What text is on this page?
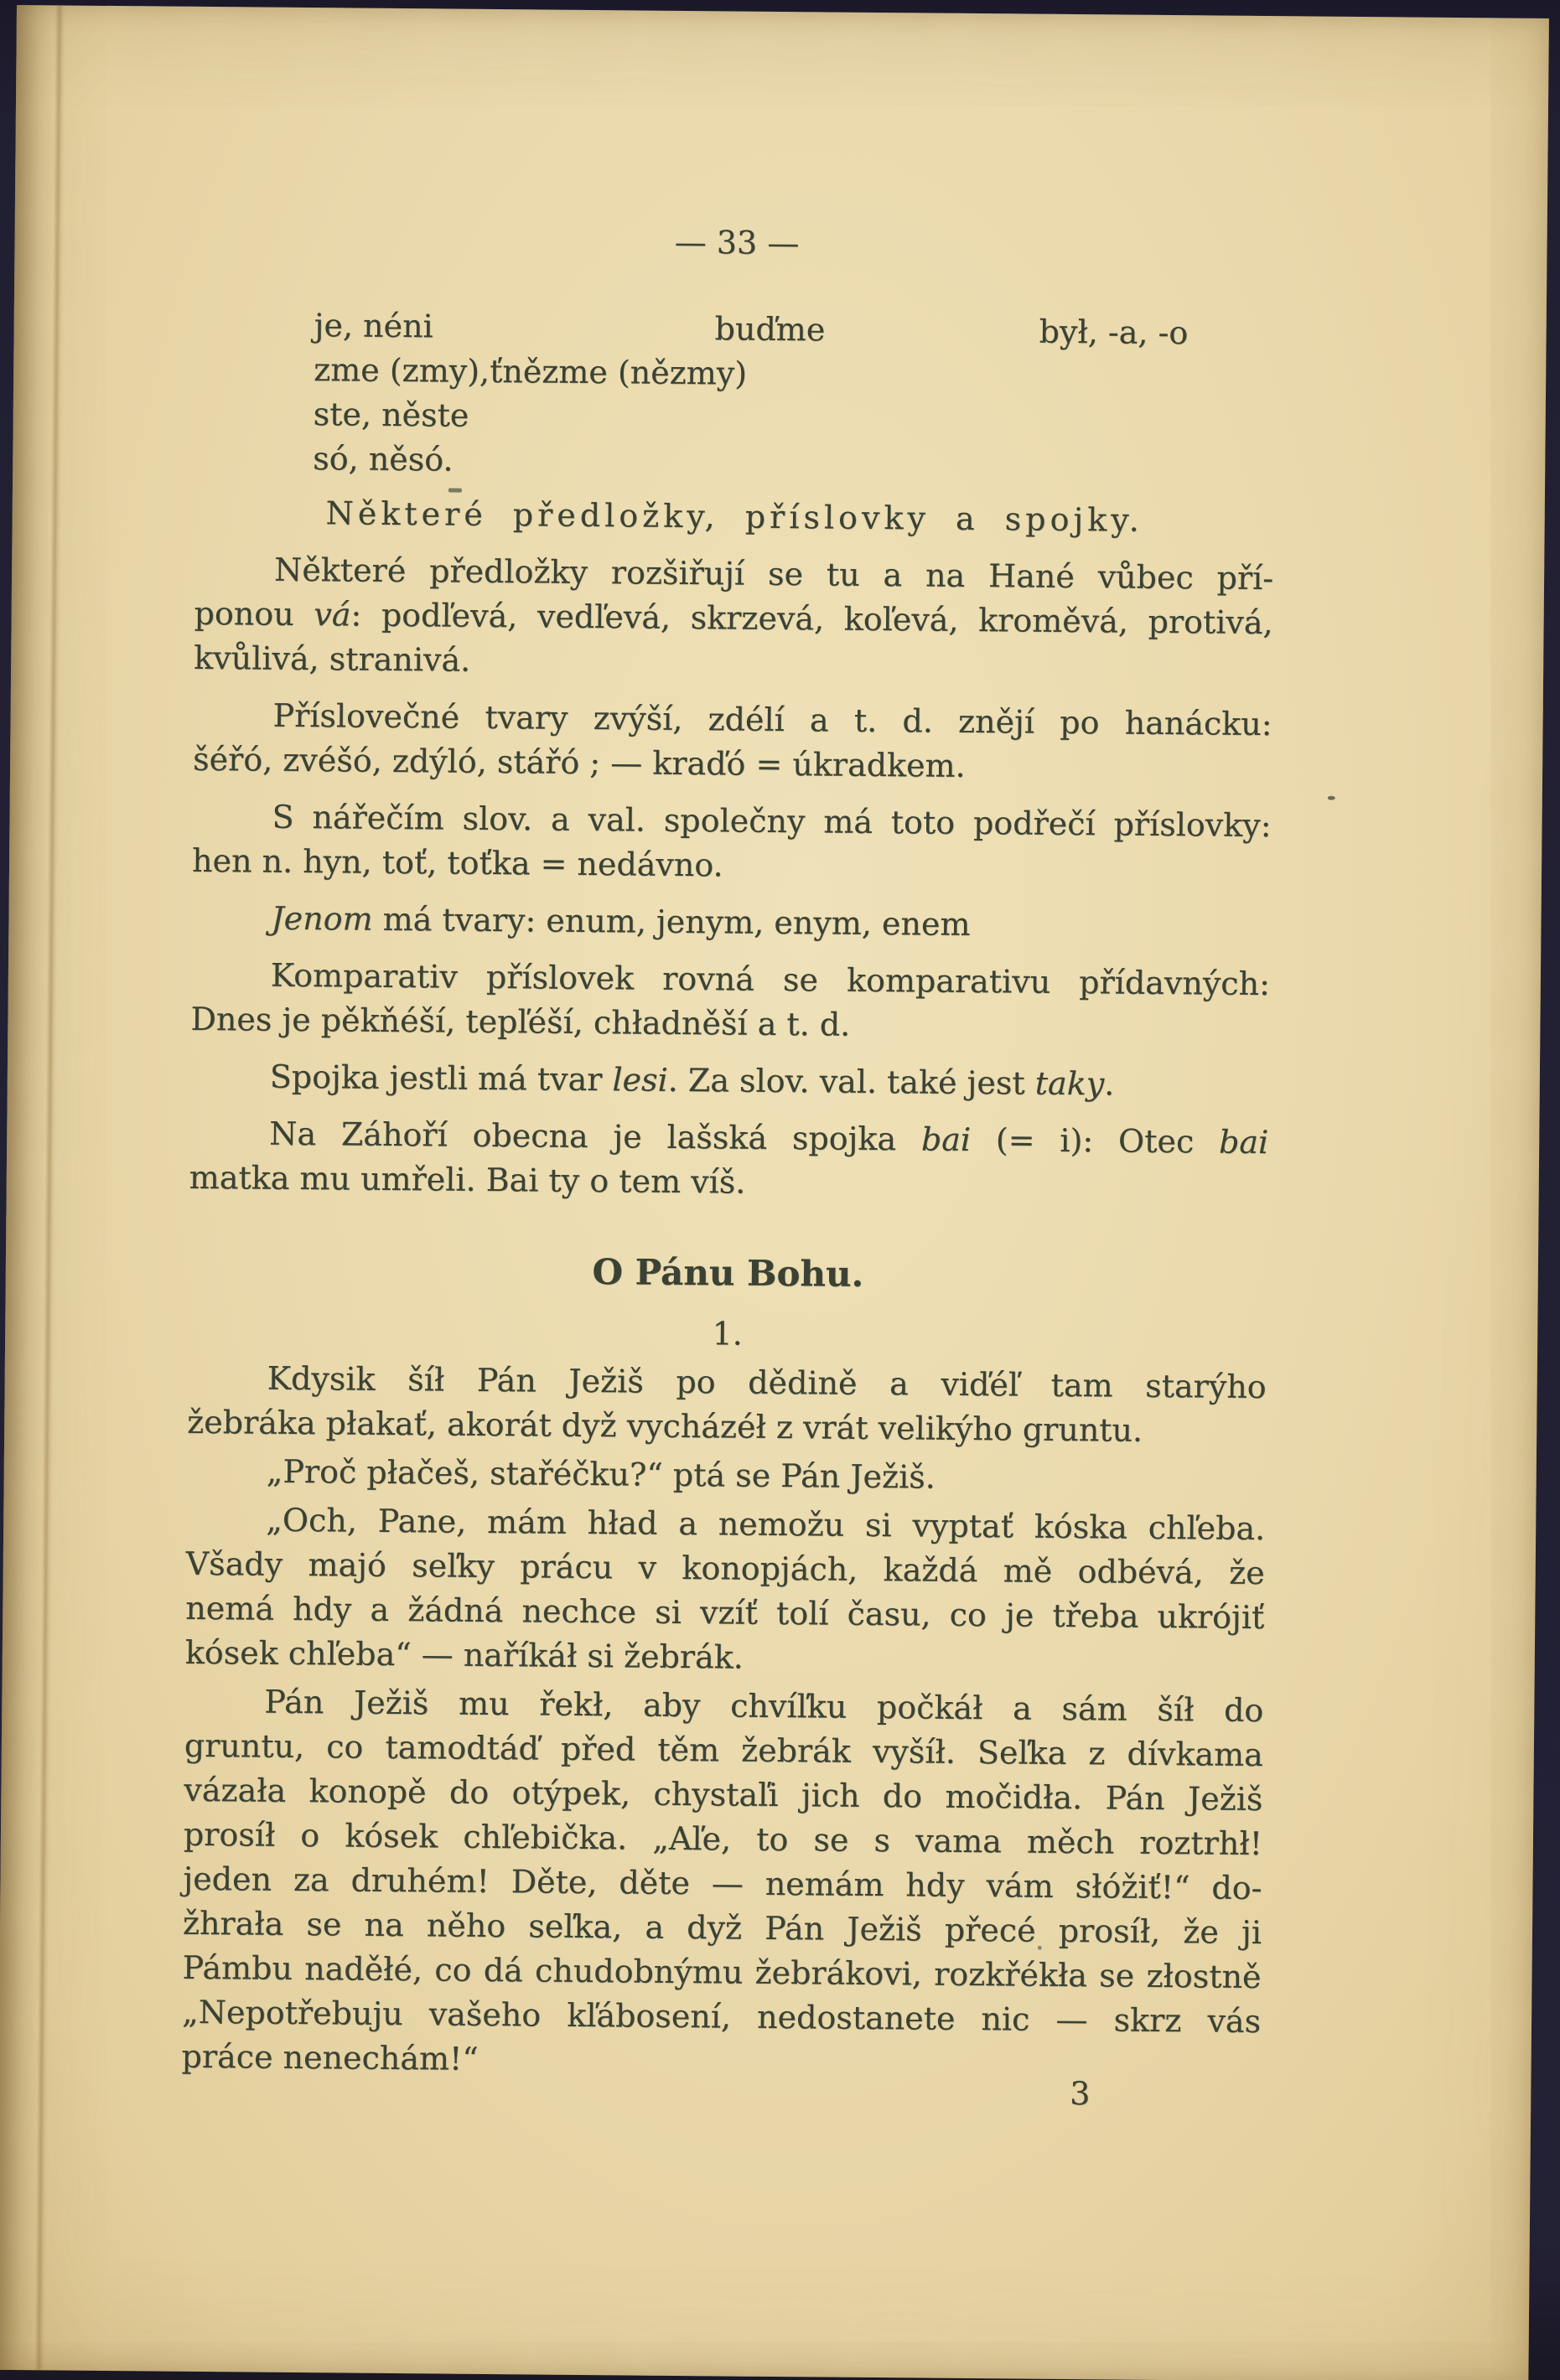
— 33 —
je, néni	buďme	był, -a, -o
zme (zmy),ťnězme (nězmy)
ste, něste
só, něsó.
Některé předložky, příslovky a spojky.
Některé předložky rozšiřují se tu a na Hané vůbec pří-
ponou vá: podľevá, vedľevá, skrzevá, koľevá, kroměvá, protivá,
kvůlivá, stranivá.
Příslovečné tvary zvýší, zdélí a t. d. znějí po hanácku:
šéřó, zvéšó, zdýló, stářó ; — kraďó = úkradkem.
S nářečím slov. a val. společny má toto podřečí příslovky:
hen n. hyn, toť, toťka = nedávno.
Jenom má tvary: enum, jenym, enym, enem
Komparativ příslovek rovná se komparativu přídavných:
Dnes je pěkňéší, tepľéší, chładněší a t. d.
Spojka jestli má tvar lesi. Za slov. val. také jest taky.
Na Záhoří obecna je lašská spojka bai (= i): Otec bai
matka mu umřeli. Bai ty o tem víš.
O Pánu Bohu.
1.
Kdysik šíł Pán Ježiš po dědině a viďéľ tam starýho
žebráka płakať, akorát dyž vycházéł z vrát velikýho gruntu.
„Proč płačeš, stařéčku?“ ptá se Pán Ježiš.
„Och, Pane, mám hład a nemožu si vyptať kóska chľeba.
Všady majó seľky prácu v konopjách, každá mě odbévá, že
nemá hdy a žádná nechce si vzíť tolí času, co je třeba ukrójiť
kósek chľeba“ — naříkáł si žebrák.
Pán Ježiš mu řekł, aby chvíľku počkáł a sám šíł do
gruntu, co tamodtáď před těm žebrák vyšíł. Seľka z dívkama
vázała konopě do otýpek, chystaľi jich do močidła. Pán Ježiš
prosíł o kósek chľebička. „Aľe, to se s vama měch roztrhł!
jeden za druhém! Děte, děte — nemám hdy vám słóžiť!“ do-
žhrała se na něho seľka, a dyž Pán Ježiš přecé prosíł, že ji
Pámbu naděłé, co dá chudobnýmu žebrákovi, rozkřékła se złostně
„Nepotřebuju vašeho kľábosení, nedostanete nic — skrz vás
práce nenechám!“
3
